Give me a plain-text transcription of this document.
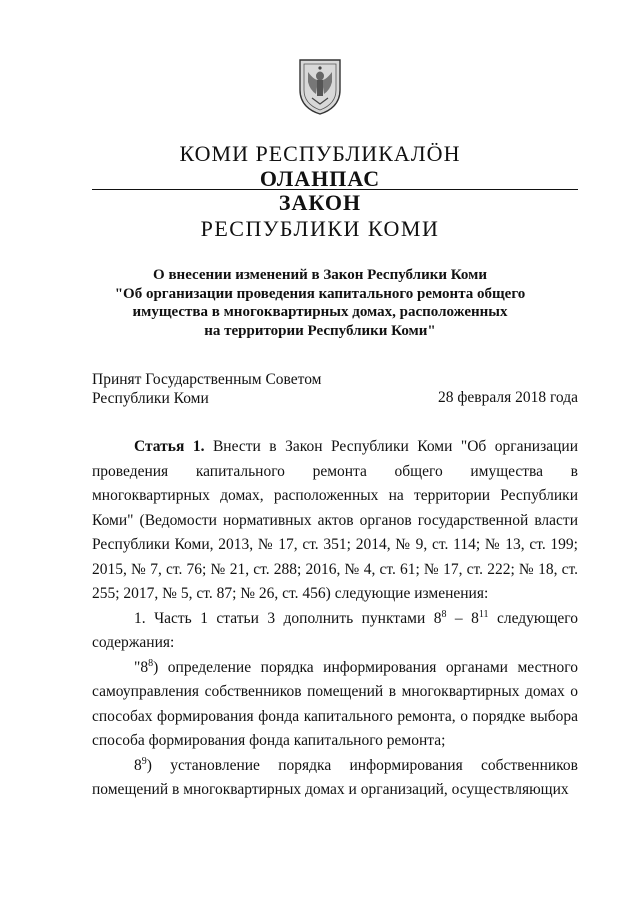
КОМИ РЕСПУБЛИКАЛÖН
ОЛАНПАС
ЗАКОН
РЕСПУБЛИКИ КОМИ
О внесении изменений в Закон Республики Коми
"Об организации проведения капитального ремонта общего
имущества в многоквартирных домах, расположенных
на территории Республики Коми"
Принят Государственным Советом
Республики Коми	28 февраля 2018 года

Статья 1. Внести в Закон Республики Коми "Об организации проведения капитального ремонта общего имущества в многоквартирных домах, расположенных на территории Республики Коми" (Ведомости нормативных актов органов государственной власти Республики Коми, 2013, № 17, ст. 351; 2014, № 9, ст. 114; № 13, ст. 199; 2015, № 7, ст. 76; № 21, ст. 288; 2016, № 4, ст. 61; № 17, ст. 222; № 18, ст. 255; 2017, № 5, ст. 87; № 26, ст. 456) следующие изменения:

1. Часть 1 статьи 3 дополнить пунктами $8^8 - 8^{11}$ следующего содержания:

"$8^8$) определение порядка информирования органами местного самоуправления собственников помещений в многоквартирных домах о способах формирования фонда капитального ремонта, о порядке выбора способа формирования фонда капитального ремонта;

$8^9$) установление порядка информирования собственников помещений в многоквартирных домах и организаций, осуществляющих
